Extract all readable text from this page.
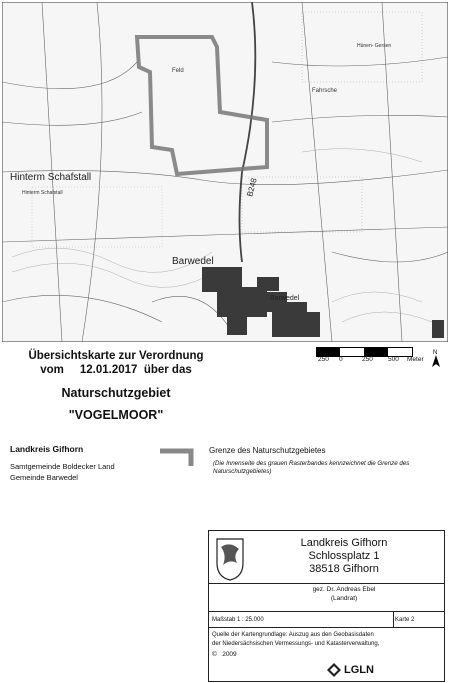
Hinterm Schafstall
Hinterm Schafstall
Barwedel
Barwedel
B248
Hünen- Gersen
Feld
Fahrsche
250 0	250 500 Meter
N
Übersichtskarte zur Verordnung
vom     12.01.2017  über das
Naturschutzgebiet
"VOGELMOOR"
Landkreis Gifhorn
Samtgemeinde Boldecker Land
Gemeinde Barwedel
Grenze des Naturschutzgebietes
(Die Innenseite des grauen Rasterbandes kennzeichnet die Grenze des Naturschutzgebietes)
Landkreis Gifhorn
Schlossplatz 1
38518 Gifhorn
gez. Dr. Andreas Ebel
(Landrat)
Maßstab 1 : 25.000	Karte 2
Quelle der Kartengrundlage: Auszug aus den Geobasisdaten
der Niedersächsischen Vermessungs- und Katasterverwaltung,
©   2009
LGLN
